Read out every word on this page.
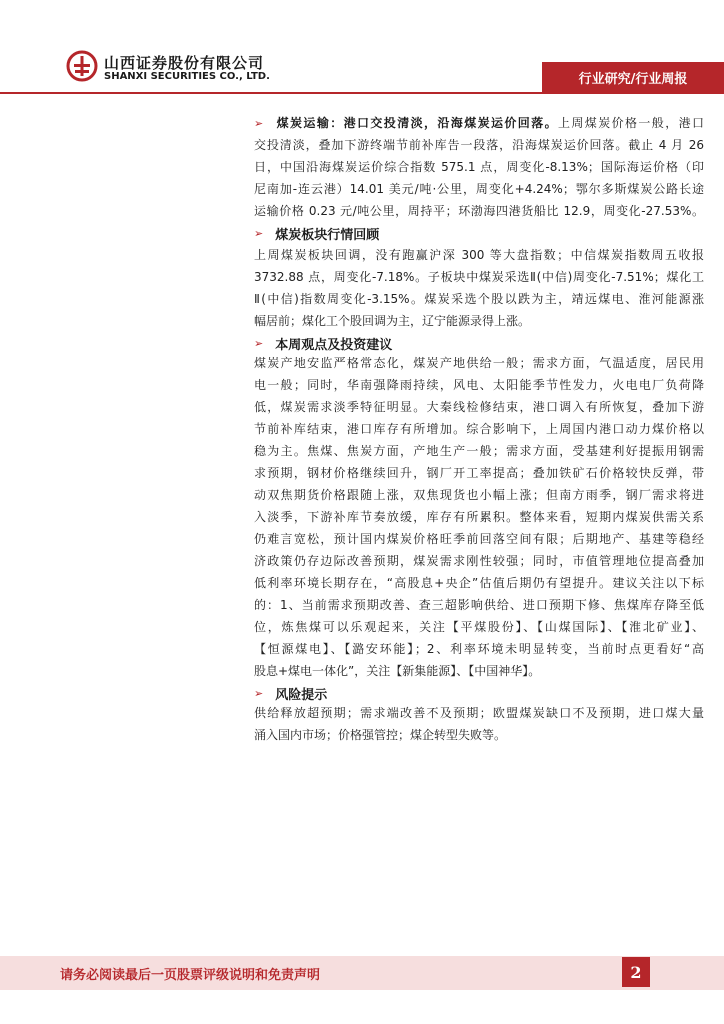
山西证券股份有限公司
SHANXI SECURITIES CO., LTD.	行业研究/行业周报
➢ 煤炭运输：港口交投清淡，沿海煤炭运价回落。上周煤炭价格一般，港口
交投清淡，叠加下游终端节前补库告一段落，沿海煤炭运价回落。截止 4 月 26
日，中国沿海煤炭运价综合指数 575.1 点，周变化-8.13%；国际海运价格（印
尼南加-连云港）14.01 美元/吨·公里，周变化+4.24%；鄂尔多斯煤炭公路长途
运输价格 0.23 元/吨公里，周持平；环渤海四港货船比 12.9，周变化-27.53%。
➢ 煤炭板块行情回顾
上周煤炭板块回调，没有跑赢沪深 300 等大盘指数；中信煤炭指数周五收报
3732.88 点，周变化-7.18%。子板块中煤炭采选Ⅱ(中信)周变化-7.51%；煤化工
Ⅱ(中信)指数周变化-3.15%。煤炭采选个股以跌为主，靖远煤电、淮河能源涨
幅居前；煤化工个股回调为主，辽宁能源录得上涨。
➢ 本周观点及投资建议
煤炭产地安监严格常态化，煤炭产地供给一般；需求方面，气温适度，居民用
电一般；同时，华南强降雨持续，风电、太阳能季节性发力，火电电厂负荷降
低，煤炭需求淡季特征明显。大秦线检修结束，港口调入有所恢复，叠加下游
节前补库结束，港口库存有所增加。综合影响下，上周国内港口动力煤价格以
稳为主。焦煤、焦炭方面，产地生产一般；需求方面，受基建利好提振用钢需
求预期，钢材价格继续回升，钢厂开工率提高；叠加铁矿石价格较快反弹，带
动双焦期货价格跟随上涨，双焦现货也小幅上涨；但南方雨季，钢厂需求将进
入淡季，下游补库节奏放缓，库存有所累积。整体来看，短期内煤炭供需关系
仍难言宽松，预计国内煤炭价格旺季前回落空间有限；后期地产、基建等稳经
济政策仍存边际改善预期，煤炭需求刚性较强；同时，市值管理地位提高叠加
低利率环境长期存在，“高股息+央企”估值后期仍有望提升。建议关注以下标
的：1、当前需求预期改善、查三超影响供给、进口预期下修、焦煤库存降至低
位，炼焦煤可以乐观起来，关注【平煤股份】、【山煤国际】、【淮北矿业】、
【恒源煤电】、【潞安环能】；2、利率环境未明显转变，当前时点更看好“高
股息+煤电一体化”，关注【新集能源】、【中国神华】。
➢ 风险提示
供给释放超预期；需求端改善不及预期；欧盟煤炭缺口不及预期，进口煤大量
涌入国内市场；价格强管控；煤企转型失败等。
请务必阅读最后一页股票评级说明和免责声明	2
